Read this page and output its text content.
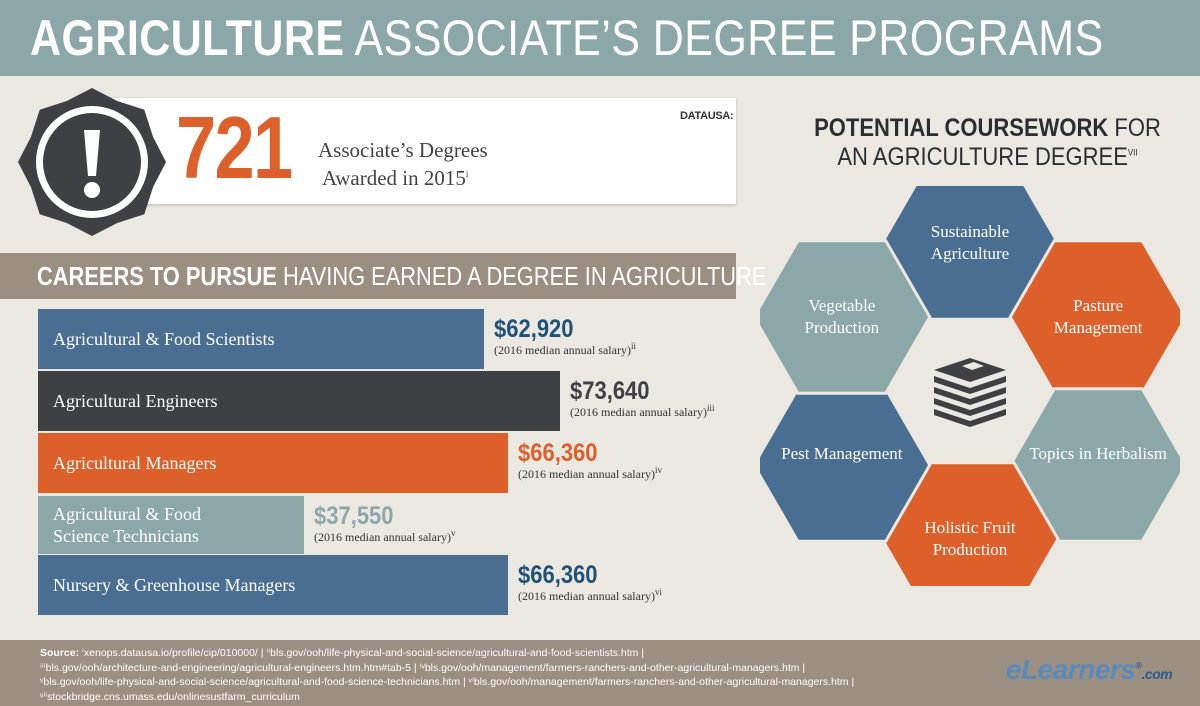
AGRICULTURE ASSOCIATE’S DEGREE PROGRAMS
721 Associate’s Degrees
Awarded in 2015$^i$
DATAUSA:
CAREERS TO PURSUE HAVING EARNED A DEGREE IN AGRICULTURE
Agricultural & Food Scientists	$62,920
(2016 median annual salary)$^{ii}$
Agricultural Engineers	$73,640
(2016 median annual salary)$^{iii}$
Agricultural Managers	$66,360
(2016 median annual salary)$^{iv}$
Agricultural & Food Science Technicians
$37,550
(2016 median annual salary)$^v$
Nursery & Greenhouse Managers	$66,360
(2016 median annual salary)$^{vi}$
POTENTIAL COURSEWORK FOR
AN AGRICULTURE $DEGREE^{VII}$
Sustainable Agriculture
Pasture Management
Topics in Herbalism
Holistic Fruit Production
Pest Management
Vegetable Production
Source: ⁱxenops.datausa.io/profile/cip/010000/ | ⁱⁱbls.gov/ooh/life-physical-and-social-science/agricultural-and-food-scientists.htm |
ⁱⁱⁱbls.gov/ooh/architecture-and-engineering/agricultural-engineers.htm.htm#tab-5 | ⁱᵛbls.gov/ooh/management/farmers-ranchers-and-other-agricultural-managers.htm |
ᵛbls.gov/ooh/life-physical-and-social-science/agricultural-and-food-science-technicians.htm | ᵛⁱbls.gov/ooh/management/farmers-ranchers-and-other-agricultural-managers.htm |
ᵛⁱⁱstockbridge.cns.umass.edu/onlinesustfarm_curriculum
eLearners®.com
